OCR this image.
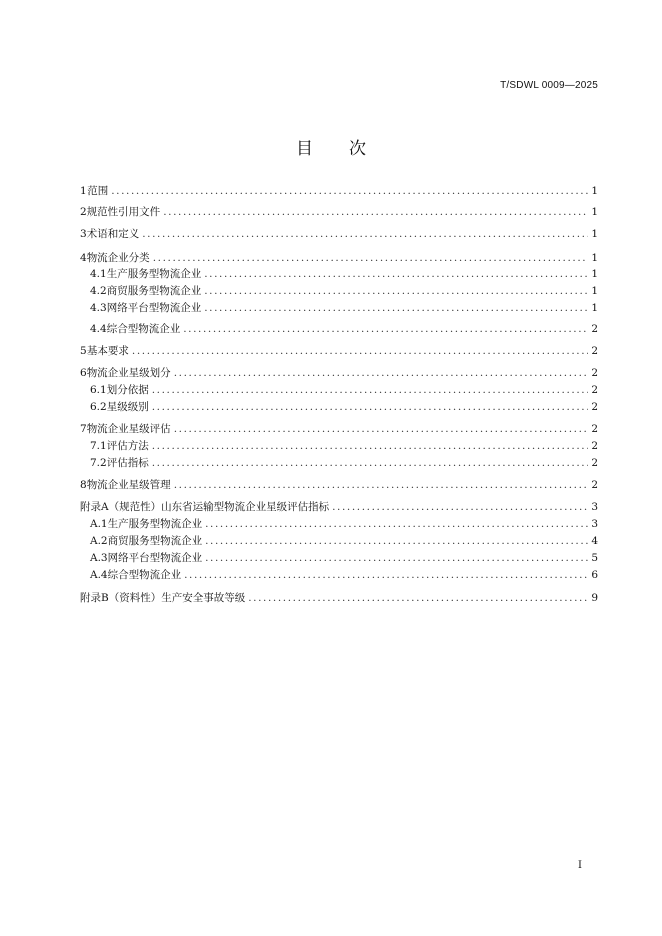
T/SDWL 0009—2025
目次
1 范围 .....	1
2 规范性引用文件 .....	1
3 术语和定义 .....	1
4 物流企业分类 .....	1
4.1 生产服务型物流企业 .....	1
4.2 商贸服务型物流企业 .....	1
4.3 网络平台型物流企业 .....	1
4.4 综合型物流企业 .....	2
5 基本要求 .....	2
6 物流企业星级划分 .....	2
6.1 划分依据 .....	2
6.2 星级级别 .....	2
7 物流企业星级评估 .....	2
7.1 评估方法 .....	2
7.2 评估指标 .....	2
8 物流企业星级管理 .....	2
附录A（规范性） 山东省运输型物流企业星级评估指标 .....	3
A.1 生产服务型物流企业 .....	3
A.2 商贸服务型物流企业 .....	4
A.3 网络平台型物流企业 .....	5
A.4 综合型物流企业 .....	6
附录B（资料性） 生产安全事故等级 .....	9
I
